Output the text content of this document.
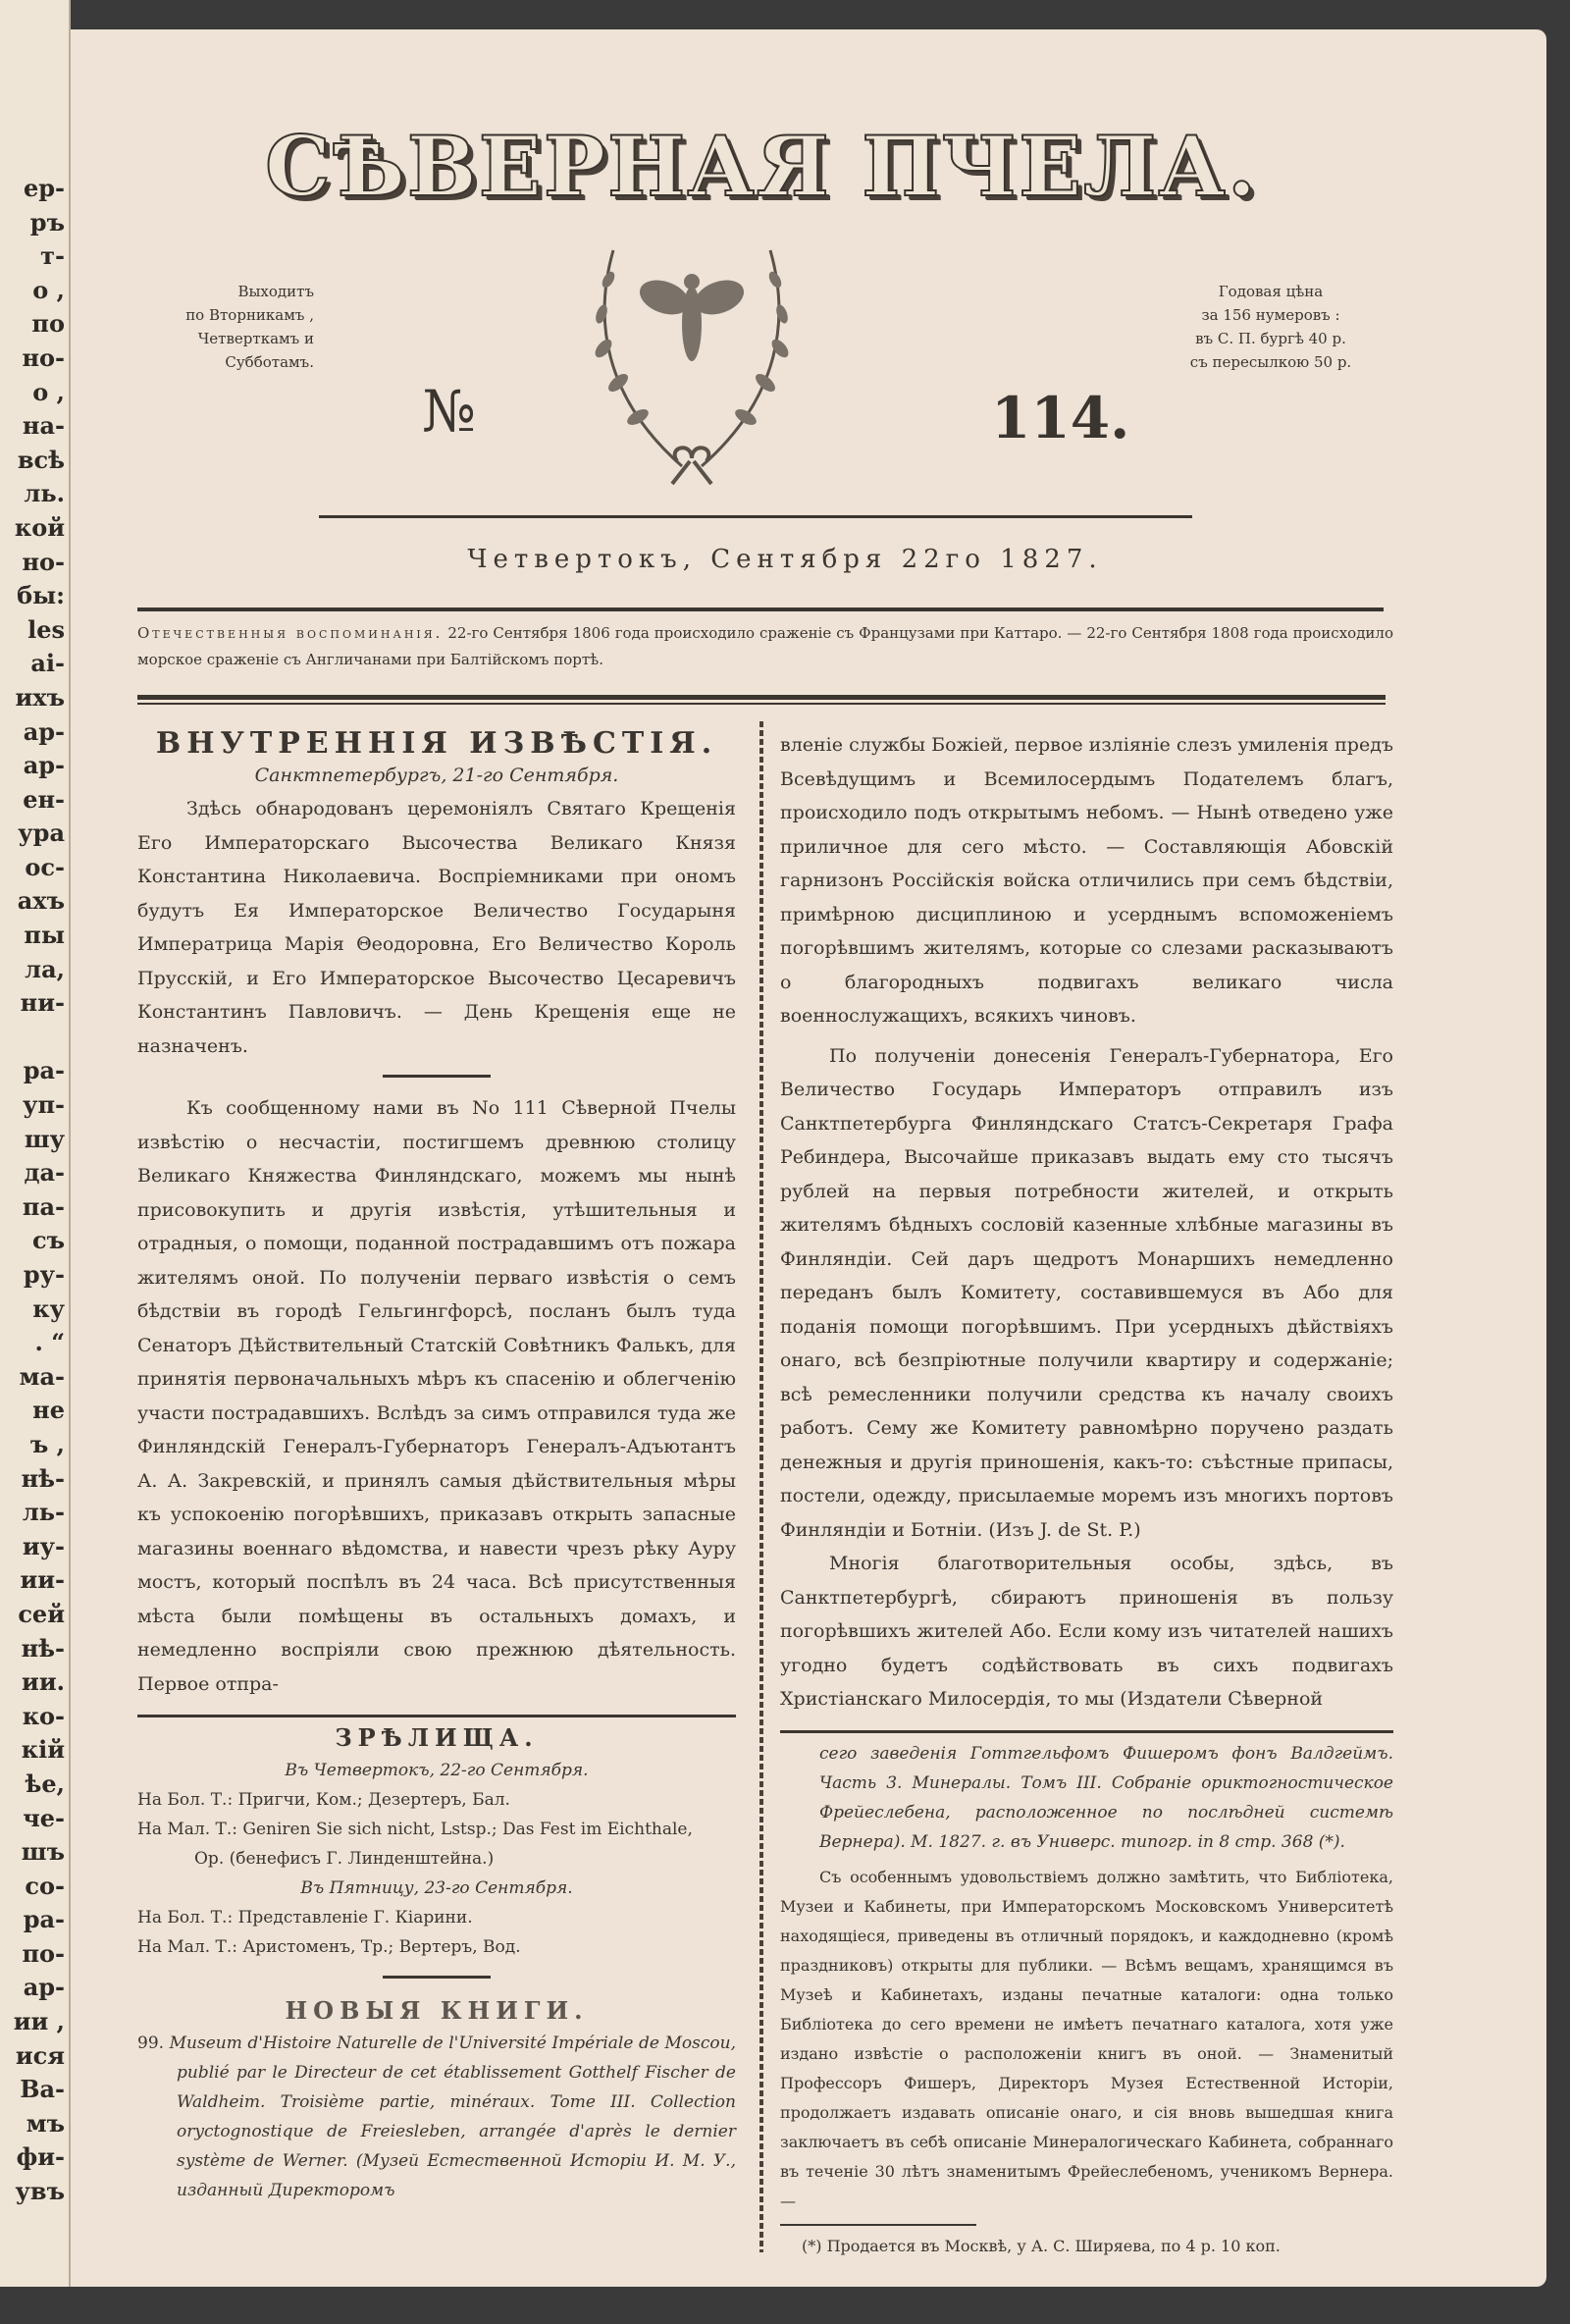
ер-
ръ
т-
о ,
по
но-
о ,
на-
всѣ
ль.
кой
но-
бы:
les
ai-
ихъ
ар-
ар-
ен-
ура
ос-
ахъ
пы
ла,
ни-
ра-
уп-
шу
да-
па-
съ
ру-
ку
. “
ма-
не
ъ ,
нѣ-
ль-
иу-
ии-
сей
нѣ-
ии.
ко-
кій
ѣе,
че-
шъ
со-
ра-
по-
ар-
ии ,
ися
Ва-
мъ
фи-
увъ
СѢВЕРНАЯ ПЧЕЛА.
Выходитъ
по Вторникамъ ,
Четверткамъ и
Субботамъ.
Годовая цѣна
за 156 нумеровъ :
въ С. П. бургѣ 40 р.
съ пересылкою 50 р.
№	114.
Четвертокъ, Сентября 22го 1827.
Отечественныя воспоминанія. 22-го Сентября 1806 года происходило сраженіе съ Французами при Каттаро. — 22-го Сентября 1808 года происходило морское сраженіе съ Англичанами при Балтійскомъ портѣ.
ВНУТРЕННІЯ ИЗВѢСТІЯ.
Санктпетербургъ, 21-го Сентября.

Здѣсь обнародованъ церемоніялъ Святаго Крещенія Его Императорскаго Высочества Великаго Князя Константина Николаевича. Воспріемниками при ономъ будутъ Ея Императорское Величество Государыня Императрица Марія Θеодоровна, Его Величество Король Прусскій, и Его Императорское Высочество Цесаревичъ Константинъ Павловичъ. — День Крещенія еще не назначенъ.

Къ сообщенному нами въ No 111 Сѣверной Пчелы извѣстію о несчастіи, постигшемъ древнюю столицу Великаго Княжества Финляндскаго, можемъ мы нынѣ присовокупить и другія извѣстія, утѣшительныя и отрадныя, о помощи, поданной пострадавшимъ отъ пожара жителямъ оной. По полученіи перваго извѣстія о семъ бѣдствіи въ городѣ Гельгингфорсѣ, посланъ былъ туда Сенаторъ Дѣйствительный Статскій Совѣтникъ Фалькъ, для принятія первоначальныхъ мѣръ къ спасенію и облегченію участи пострадавшихъ. Вслѣдъ за симъ отправился туда же Финляндскій Генералъ-Губернаторъ Генералъ-Адъютантъ А. А. Закревскій, и принялъ самыя дѣйствительныя мѣры къ успокоенію погорѣвшихъ, приказавъ открыть запасные магазины военнаго вѣдомства, и навести чрезъ рѣку Ауру мостъ, который поспѣлъ въ 24 часа. Всѣ присутственныя мѣста были помѣщены въ остальныхъ домахъ, и немедленно воспріяли свою прежнюю дѣятельность. Первое отпра-

ЗРѢЛИЩА.
Въ Четвертокъ, 22-го Сентября.
На Бол. Т.: Пригчи, Ком.; Дезертеръ, Бал.
На Мал. Т.: Geniren Sie sich nicht, Lstsp.; Das Fest im Eichthale,
Ор. (бенефисъ Г. Линденштейна.)
Въ Пятницу, 23-го Сентября.
На Бол. Т.: Представленіе Г. Кіарини.
На Мал. Т.: Аристоменъ, Тр.; Вертеръ, Вод.
НОВЫЯ КНИГИ.
99. Museum d'Histoire Naturelle de l'Université Impériale de Moscou, publié par le Directeur de cet établissement Gotthelf Fischer de Waldheim. Troisième partie, minéraux. Tome III. Collection oryctognostique de Freiesleben, arrangée d'après le dernier système de Werner. (Музей Естественной Исторіи И. М. У., изданный Директоромъ

вленіе службы Божіей, первое изліяніе слезъ умиленія предъ Всевѣдущимъ и Всемилосердымъ Подателемъ благъ, происходило подъ открытымъ небомъ. — Нынѣ отведено уже приличное для сего мѣсто. — Составляющія Абовскій гарнизонъ Россійскія войска отличились при семъ бѣдствіи, примѣрною дисциплиною и усерднымъ вспоможеніемъ погорѣвшимъ жителямъ, которые со слезами расказываютъ о благородныхъ подвигахъ великаго числа военнослужащихъ, всякихъ чиновъ.

По полученіи донесенія Генералъ-Губернатора, Его Величество Государь Императоръ отправилъ изъ Санктпетербурга Финляндскаго Статсъ-Секретаря Графа Ребиндера, Высочайше приказавъ выдать ему сто тысячъ рублей на первыя потребности жителей, и открыть жителямъ бѣдныхъ сословій казенные хлѣбные магазины въ Финляндіи. Сей даръ щедротъ Монаршихъ немедленно переданъ былъ Комитету, составившемуся въ Або для поданія помощи погорѣвшимъ. При усердныхъ дѣйствіяхъ онаго, всѣ безпріютные получили квартиру и содержаніе; всѣ ремесленники получили средства къ началу своихъ работъ. Сему же Комитету равномѣрно поручено раздать денежныя и другія приношенія, какъ-то: съѣстные припасы, постели, одежду, присылаемые моремъ изъ многихъ портовъ Финляндіи и Ботніи. (Изъ J. de St. P.)

Многія благотворительныя особы, здѣсь, въ Санктпетербургѣ, сбираютъ приношенія въ пользу погорѣвшихъ жителей Або. Если кому изъ читателей нашихъ угодно будетъ содѣйствовать въ сихъ подвигахъ Христіанскаго Милосердія, то мы (Издатели Сѣверной

сего заведенія Готтгельфомъ Фишеромъ фонъ Валдгеймъ. Часть 3. Минералы. Томъ III. Собраніе ориктогностическое Фрейеслебена, расположенное по послѣдней системѣ Вернера). М. 1827. г. въ Универс. типогр. in 8 стр. 368 (*).

Съ особеннымъ удовольствіемъ должно замѣтить, что Библіотека, Музеи и Кабинеты, при Императорскомъ Московскомъ Университетѣ находящіеся, приведены въ отличный порядокъ, и каждодневно (кромѣ праздниковъ) открыты для публики. — Всѣмъ вещамъ, хранящимся въ Музеѣ и Кабинетахъ, изданы печатные каталоги: одна только Библіотека до сего времени не имѣетъ печатнаго каталога, хотя уже издано извѣстіе о расположеніи книгъ въ оной. — Знаменитый Профессоръ Фишеръ, Директоръ Музея Естественной Исторіи, продолжаетъ издавать описаніе онаго, и сія вновь вышедшая книга заключаетъ въ себѣ описаніе Минералогическаго Кабинета, собраннаго въ теченіе 30 лѣтъ знаменитымъ Фрейеслебеномъ, ученикомъ Вернера. —

(*) Продается въ Москвѣ, у А. С. Ширяева, по 4 р. 10 коп.
